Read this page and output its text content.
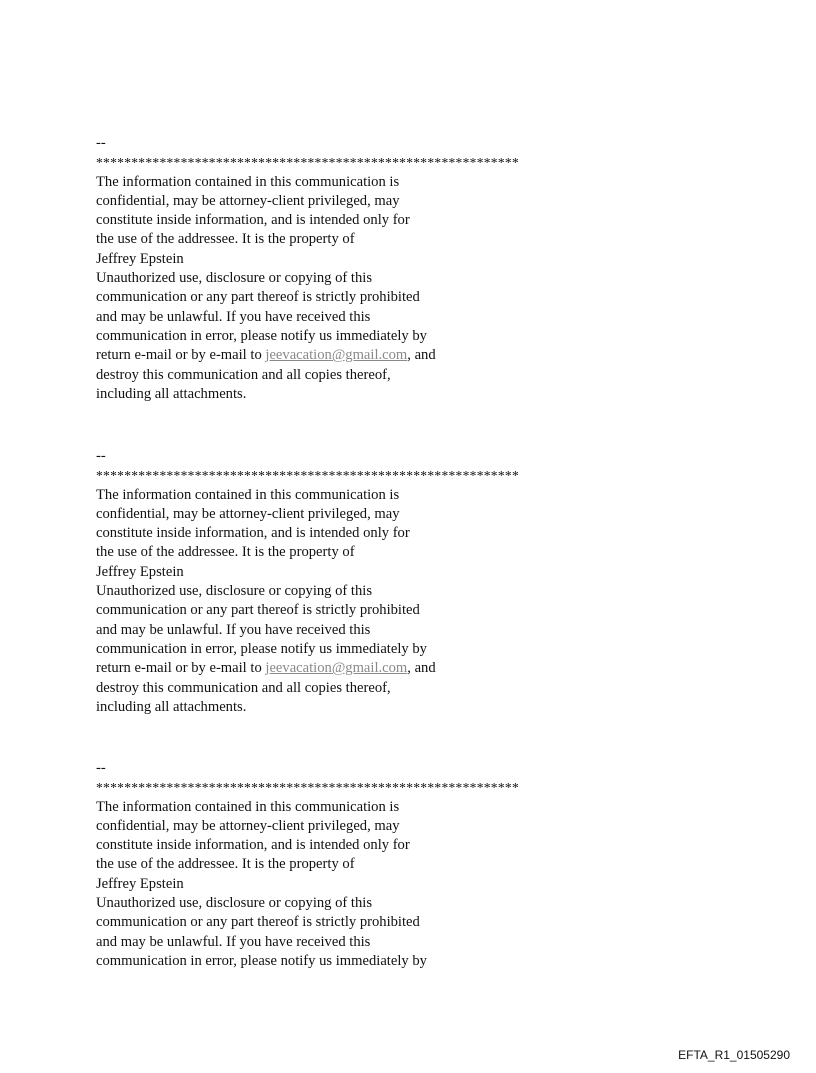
--
************************************************************
The information contained in this communication is
confidential, may be attorney-client privileged, may
constitute inside information, and is intended only for
the use of the addressee. It is the property of
Jeffrey Epstein
Unauthorized use, disclosure or copying of this
communication or any part thereof is strictly prohibited
and may be unlawful. If you have received this
communication in error, please notify us immediately by
return e-mail or by e-mail to jeevacation@gmail.com, and
destroy this communication and all copies thereof,
including all attachments.
--
************************************************************
The information contained in this communication is
confidential, may be attorney-client privileged, may
constitute inside information, and is intended only for
the use of the addressee. It is the property of
Jeffrey Epstein
Unauthorized use, disclosure or copying of this
communication or any part thereof is strictly prohibited
and may be unlawful. If you have received this
communication in error, please notify us immediately by
return e-mail or by e-mail to jeevacation@gmail.com, and
destroy this communication and all copies thereof,
including all attachments.
--
************************************************************
The information contained in this communication is
confidential, may be attorney-client privileged, may
constitute inside information, and is intended only for
the use of the addressee. It is the property of
Jeffrey Epstein
Unauthorized use, disclosure or copying of this
communication or any part thereof is strictly prohibited
and may be unlawful. If you have received this
communication in error, please notify us immediately by
EFTA_R1_01505290
